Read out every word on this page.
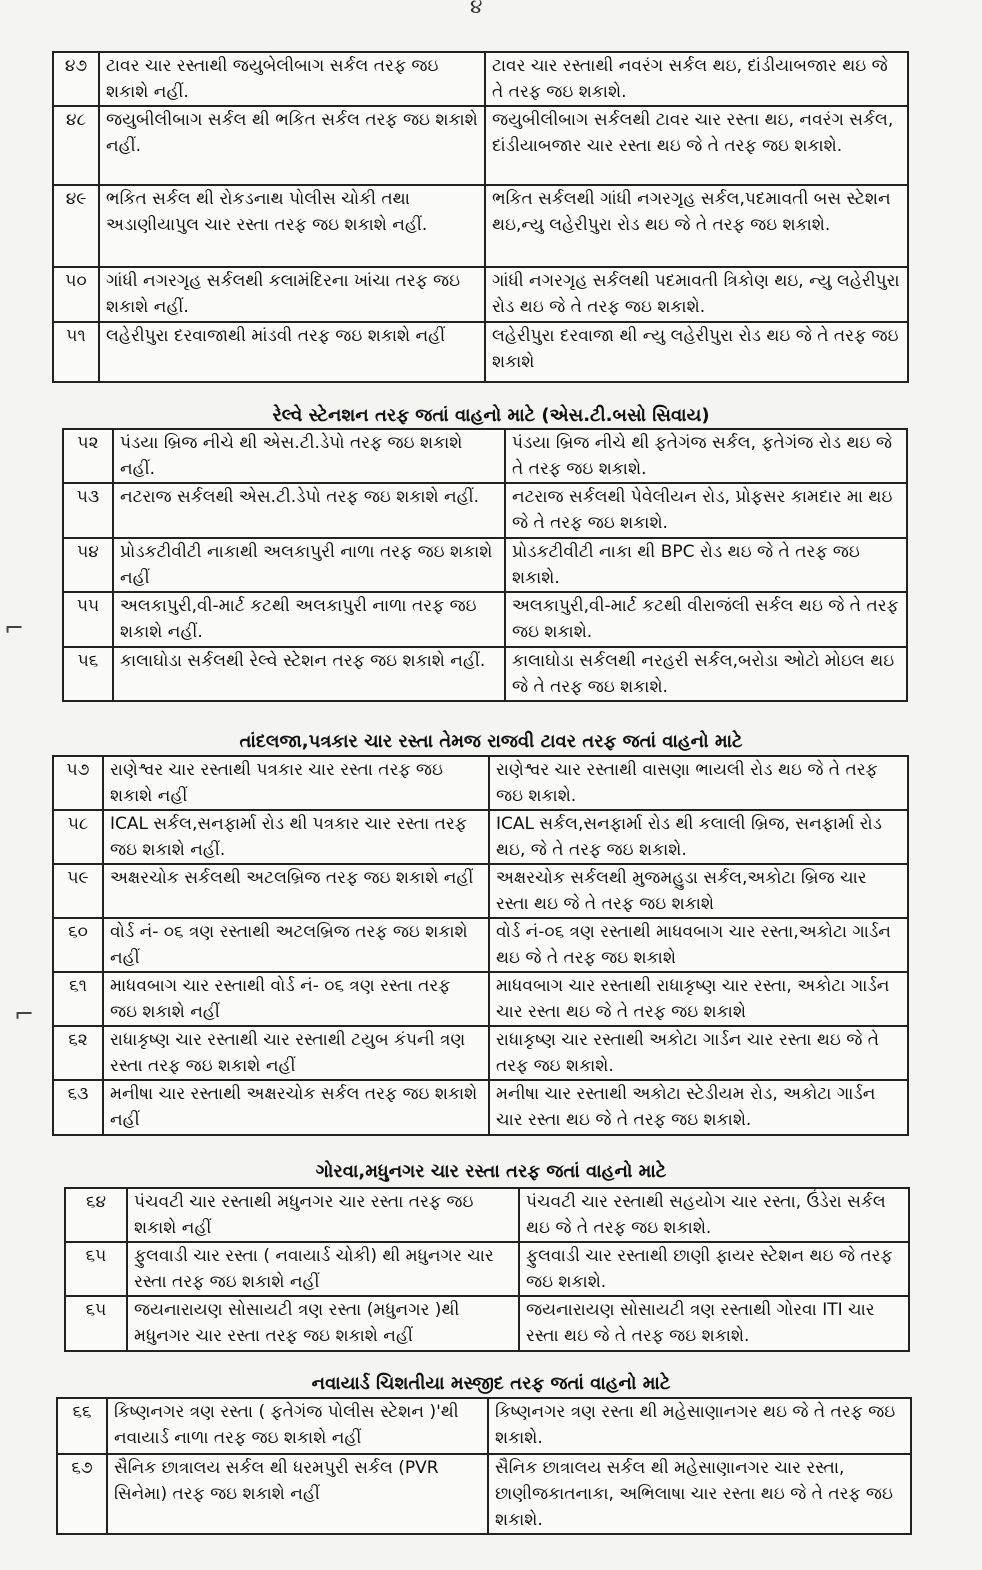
૪
૪૭	ટાવર ચાર રસ્તાથી જયુબેલીબાગ સર્કલ તરફ જઇ શકાશે નહીં.	ટાવર ચાર રસ્તાથી નવરંગ સર્કલ થઇ, દાંડીયાબજાર થઇ જે તે તરફ જઇ શકાશે.
૪૮	જયુબીલીબાગ સર્કલ થી ભકિત સર્કલ તરફ જઇ શકાશે નહીં.	જયુબીલીબાગ સર્કલથી ટાવર ચાર રસ્તા થઇ, નવરંગ સર્કલ, દાંડીયાબજાર ચાર રસ્તા થઇ જે તે તરફ જઇ શકાશે.
૪૯	ભકિત સર્કલ થી રોકડનાથ પોલીસ ચોકી તથા અડાણીયાપુલ ચાર રસ્તા તરફ જઇ શકાશે નહીં.	ભકિત સર્કલથી ગાંધી નગરગૃહ સર્કલ,પદમાવતી બસ સ્ટેશન થઇ,ન્યુ લહેરીપુરા રોડ થઇ જે તે તરફ જઇ શકાશે.
૫૦	ગાંધી નગરગૃહ સર્કલથી કલામંદિરના ખાંચા તરફ જઇ શકાશે નહીં.	ગાંધી નગરગૃહ સર્કલથી પદમાવતી ત્રિકોણ થઇ, ન્યુ લહેરીપુરા રોડ થઇ જે તે તરફ જઇ શકાશે.
૫૧	લહેરીપુરા દરવાજાથી માંડવી તરફ જઇ શકાશે નહીં	લહેરીપુરા દરવાજા થી ન્યુ લહેરીપુરા રોડ થઇ જે તે તરફ જઇ શકાશે
રેલ્વે સ્ટેનશન તરફ જતાં વાહનો માટે (એસ.ટી.બસો સિવાય)
૫૨	પંડયા બ્રિજ નીચે થી એસ.ટી.ડેપો તરફ જઇ શકાશે નહીં.	પંડયા બ્રિજ નીચે થી ફતેગંજ સર્કલ, ફતેગંજ રોડ થઇ જે તે તરફ જઇ શકાશે.
૫૩	નટરાજ સર્કલથી એસ.ટી.ડેપો તરફ જઇ શકાશે નહીં.	નટરાજ સર્કલથી પેવેલીયન રોડ, પ્રોફસર કામદાર મા થઇ જે તે તરફ જઇ શકાશે.
૫૪	પ્રોડકટીવીટી નાકાથી અલકાપુરી નાળા તરફ જઇ શકાશે નહીં	પ્રોડકટીવીટી નાકા થી BPC રોડ થઇ જે તે તરફ જઇ શકાશે.
૫૫	અલકાપુરી,વી-માર્ટ કટથી અલકાપુરી નાળા તરફ જઇ શકાશે નહીં.	અલકાપુરી,વી-માર્ટ કટથી વીરાજંલી સર્કલ થઇ જે તે તરફ જઇ શકાશે.
૫૬	કાલાઘોડા સર્કલથી રેલ્વે સ્ટેશન તરફ જઇ શકાશે નહીં.	કાલાઘોડા સર્કલથી નરહરી સર્કલ,બરોડા ઓટો મોઇલ થઇ જે તે તરફ જઇ શકાશે.
તાંદલજા,પત્રકાર ચાર રસ્તા તેમજ રાજવી ટાવર તરફ જતાં વાહનો માટે
૫૭	રાણેશ્વર ચાર રસ્તાથી પત્રકાર ચાર રસ્તા તરફ જઇ શકાશે નહીં	રાણેશ્વર ચાર રસ્તાથી વાસણા ભાયલી રોડ થઇ જે તે તરફ જઇ શકાશે.
૫૮	ICAL સર્કલ,સનફાર્મા રોડ થી પત્રકાર ચાર રસ્તા તરફ જઇ શકાશે નહીં.	ICAL સર્કલ,સનફાર્મા રોડ થી કલાલી બ્રિજ, સનફાર્મા રોડ થઇ, જે તે તરફ જઇ શકાશે.
૫૯	અક્ષરચોક સર્કલથી અટલબ્રિજ તરફ જઇ શકાશે નહીં	અક્ષરચોક સર્કલથી મુજમહુડા સર્કલ,અકોટા બ્રિજ ચાર રસ્તા થઇ જે તે તરફ જઇ શકાશે
૬૦	વોર્ડ નં- ૦૬ ત્રણ રસ્તાથી અટલબ્રિજ તરફ જઇ શકાશે નહીં	વોર્ડ નં-૦૬ ત્રણ રસ્તાથી માધવબાગ ચાર રસ્તા,અકોટા ગાર્ડન થઇ જે તે તરફ જઇ શકાશે
૬૧	માધવબાગ ચાર રસ્તાથી વોર્ડ નં- ૦૬ ત્રણ રસ્તા તરફ જઇ શકાશે નહીં	માધવબાગ ચાર રસ્તાથી રાધાકૃષ્ણ ચાર રસ્તા, અકોટા ગાર્ડન ચાર રસ્તા થઇ જે તે તરફ જઇ શકાશે
૬૨	રાધાકૃષ્ણ ચાર રસ્તાથી ચાર રસ્તાથી ટયુબ કંપની ત્રણ રસ્તા તરફ જઇ શકાશે નહીં	રાધાકૃષ્ણ ચાર રસ્તાથી અકોટા ગાર્ડન ચાર રસ્તા થઇ જે તે તરફ જઇ શકાશે.
૬૩	મનીષા ચાર રસ્તાથી અક્ષરચોક સર્કલ તરફ જઇ શકાશે નહીં	મનીષા ચાર રસ્તાથી અકોટા સ્ટેડીયમ રોડ, અકોટા ગાર્ડન ચાર રસ્તા થઇ જે તે તરફ જઇ શકાશે.
ગોરવા,મધુનગર ચાર રસ્તા તરફ જતાં વાહનો માટે
૬૪	પંચવટી ચાર રસ્તાથી મધુનગર ચાર રસ્તા તરફ જઇ શકાશે નહીં	પંચવટી ચાર રસ્તાથી સહયોગ ચાર રસ્તા, ઉંડેરા સર્કલ થઇ જે તે તરફ જઇ શકાશે.
૬૫	ફુલવાડી ચાર રસ્તા ( નવાયાર્ડ ચોકી) થી મધુનગર ચાર રસ્તા તરફ જઇ શકાશે નહીં	ફુલવાડી ચાર રસ્તાથી છાણી ફાયર સ્ટેશન થઇ જે તરફ જઇ શકાશે.
૬૫	જયનારાયણ સોસાયટી ત્રણ રસ્તા (મધુનગર )થી મધુનગર ચાર રસ્તા તરફ જઇ શકાશે નહીં	જયનારાયણ સોસાયટી ત્રણ રસ્તાથી ગોરવા ITI ચાર રસ્તા થઇ જે તે તરફ જઇ શકાશે.
નવાયાર્ડ ચિશતીયા મસ્જીદ તરફ જતાં વાહનો માટે
૬૬	કિષ્ણનગર ત્રણ રસ્તા ( ફતેગંજ પોલીસ સ્ટેશન )'થી નવાયાર્ડ નાળા તરફ જઇ શકાશે નહીં	કિષ્ણનગર ત્રણ રસ્તા થી મહેસાણાનગર થઇ જે તે તરફ જઇ શકાશે.
૬૭	સૈનિક છાત્રાલય સર્કલ થી ધરમપુરી સર્કલ (PVR સિનેમા) તરફ જઇ શકાશે નહીં	સૈનિક છાત્રાલય સર્કલ થી મહેસાણાનગર ચાર રસ્તા, છાણીજકાતનાકા, અભિલાષા ચાર રસ્તા થઇ જે તે તરફ જઇ શકાશે.
⌐
⌐
